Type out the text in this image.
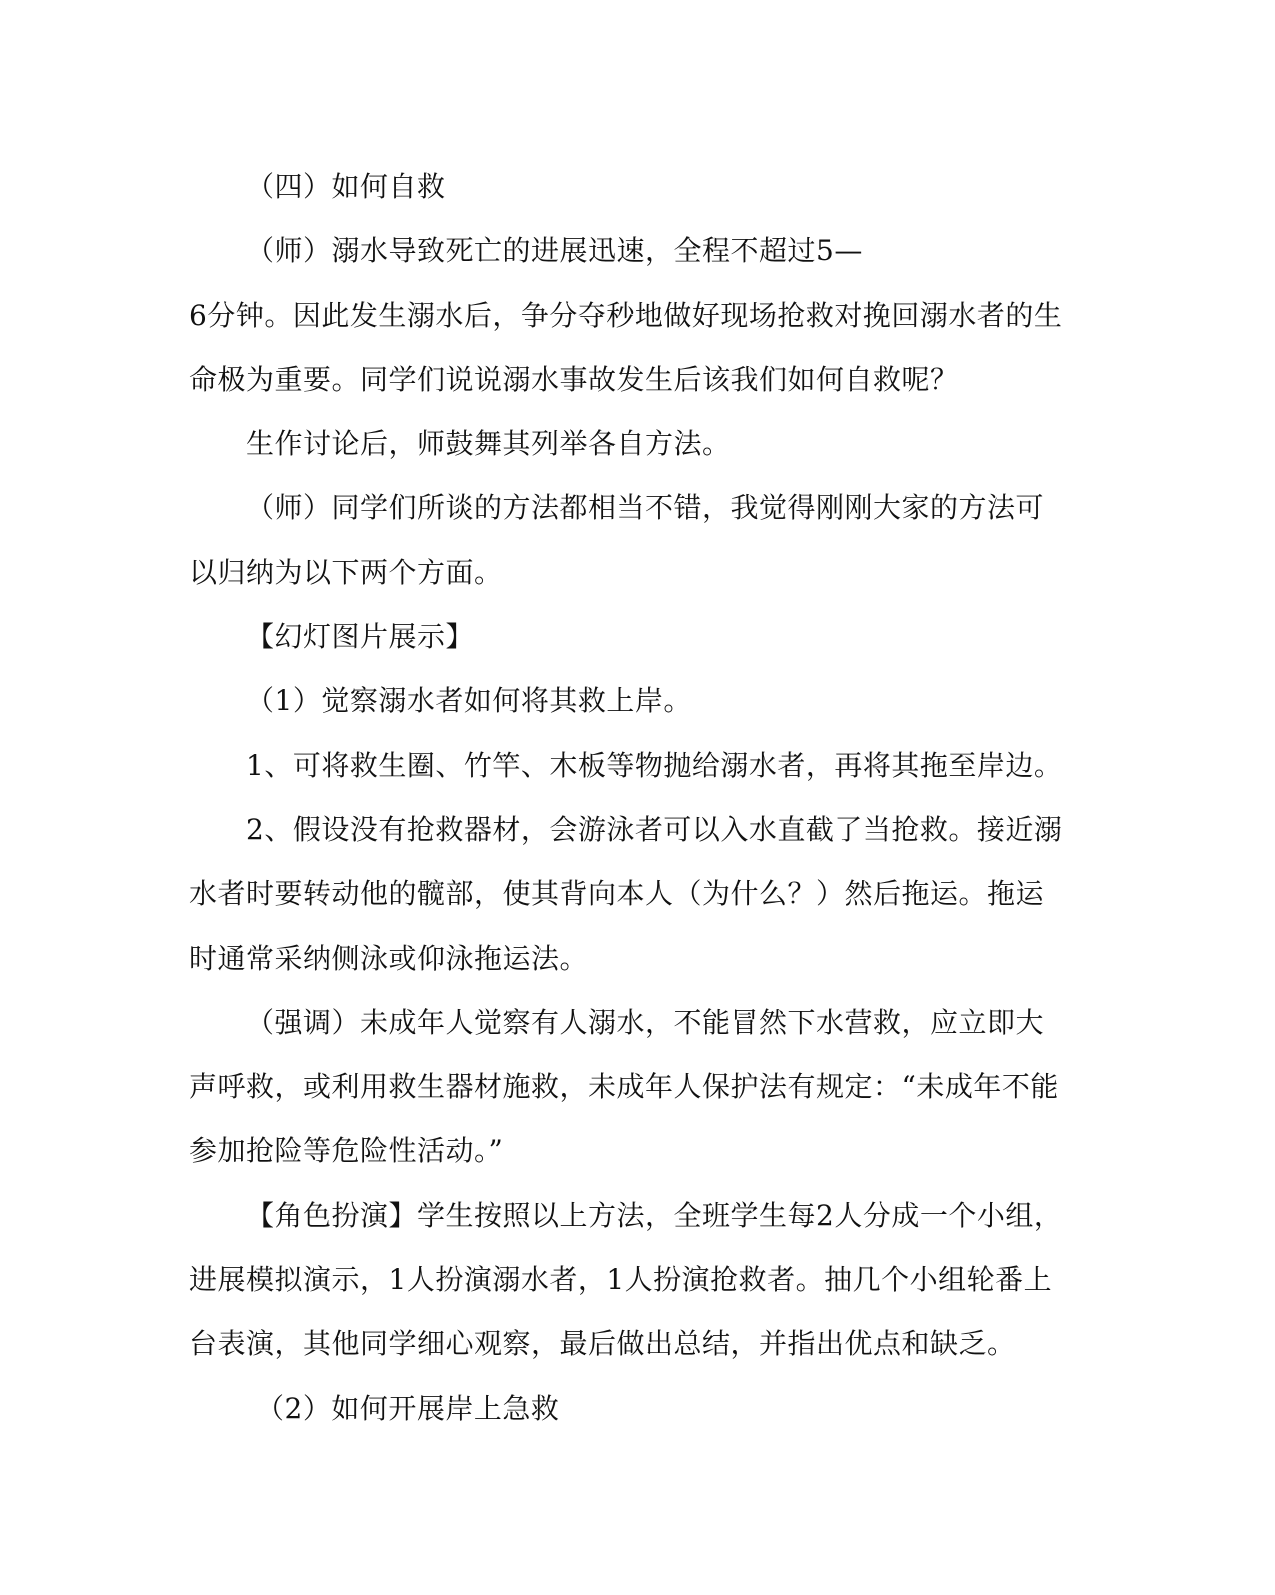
（四）如何自救
（师）溺水导致死亡的进展迅速，全程不超过5—
6分钟。因此发生溺水后，争分夺秒地做好现场抢救对挽回溺水者的生
命极为重要。同学们说说溺水事故发生后该我们如何自救呢？
生作讨论后，师鼓舞其列举各自方法。
（师）同学们所谈的方法都相当不错，我觉得刚刚大家的方法可
以归纳为以下两个方面。
【幻灯图片展示】
（1）觉察溺水者如何将其救上岸。
1、可将救生圈、竹竿、木板等物抛给溺水者，再将其拖至岸边。
2、假设没有抢救器材，会游泳者可以入水直截了当抢救。接近溺
水者时要转动他的髋部，使其背向本人（为什么？）然后拖运。拖运
时通常采纳侧泳或仰泳拖运法。
（强调）未成年人觉察有人溺水，不能冒然下水营救，应立即大
声呼救，或利用救生器材施救，未成年人保护法有规定：“未成年不能
参加抢险等危险性活动。”
【角色扮演】学生按照以上方法，全班学生每2人分成一个小组，
进展模拟演示，1人扮演溺水者，1人扮演抢救者。抽几个小组轮番上
台表演，其他同学细心观察，最后做出总结，并指出优点和缺乏。
（2）如何开展岸上急救
